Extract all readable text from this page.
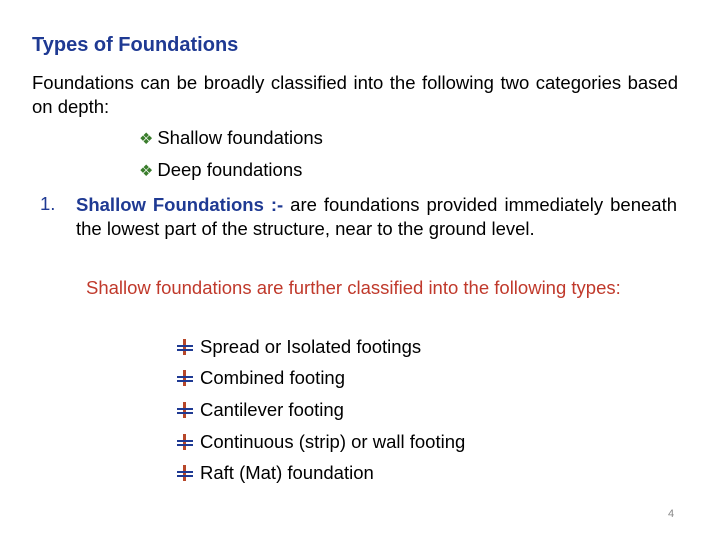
Types of Foundations
Foundations can be broadly classified into the following two categories based on depth:
❖ Shallow foundations
❖ Deep foundations
1. Shallow Foundations :- are foundations provided immediately beneath the lowest part of the structure, near to the ground level.
Shallow foundations are further classified into the following types:
Spread or Isolated footings
Combined footing
Cantilever footing
Continuous (strip) or wall footing
Raft (Mat) foundation
4
